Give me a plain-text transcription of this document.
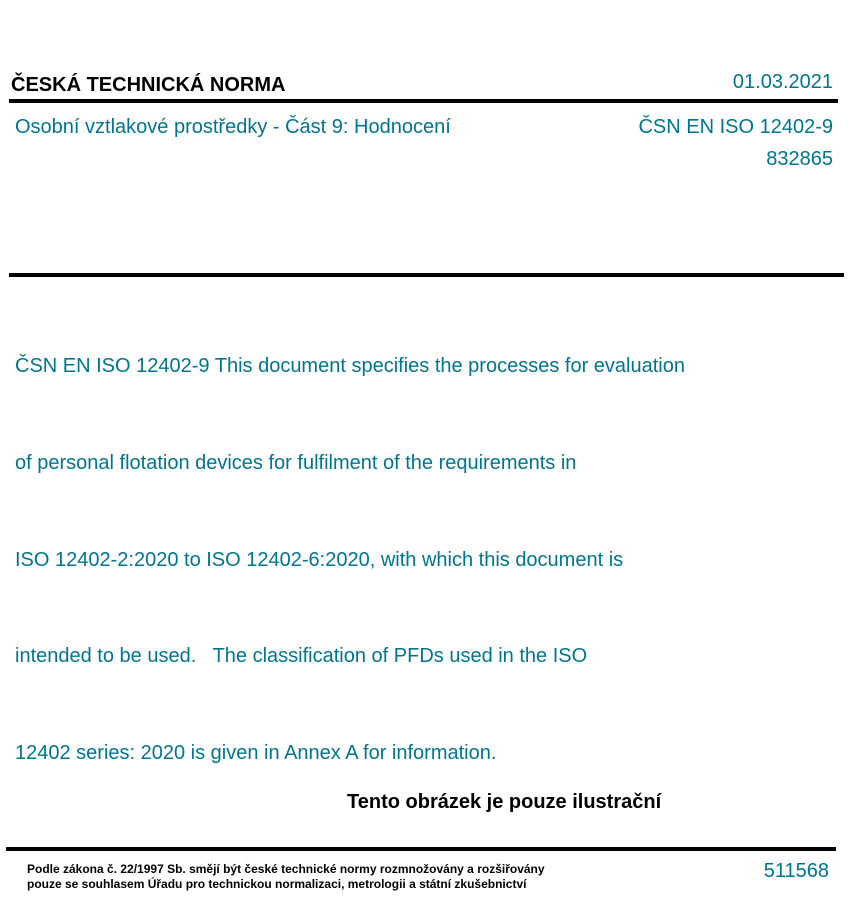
ČESKÁ TECHNICKÁ NORMA	01.03.2021
Osobní vztlakové prostředky - Část 9: Hodnocení	ČSN EN ISO 12402-9
832865

ČSN EN ISO 12402-9 This document specifies the processes for evaluation

of personal flotation devices for fulfilment of the requirements in

ISO 12402-2:2020 to ISO 12402-6:2020, with which this document is

intended to be used.   The classification of PFDs used in the ISO

12402 series: 2020 is given in Annex A for information.

Tento obrázek je pouze ilustrační
Podle zákona č. 22/1997 Sb. smějí být české technické normy rozmnožovány a rozšiřovány
pouze se souhlasem Úřadu pro technickou normalizaci, metrologii a státní zkušebnictví
511568
